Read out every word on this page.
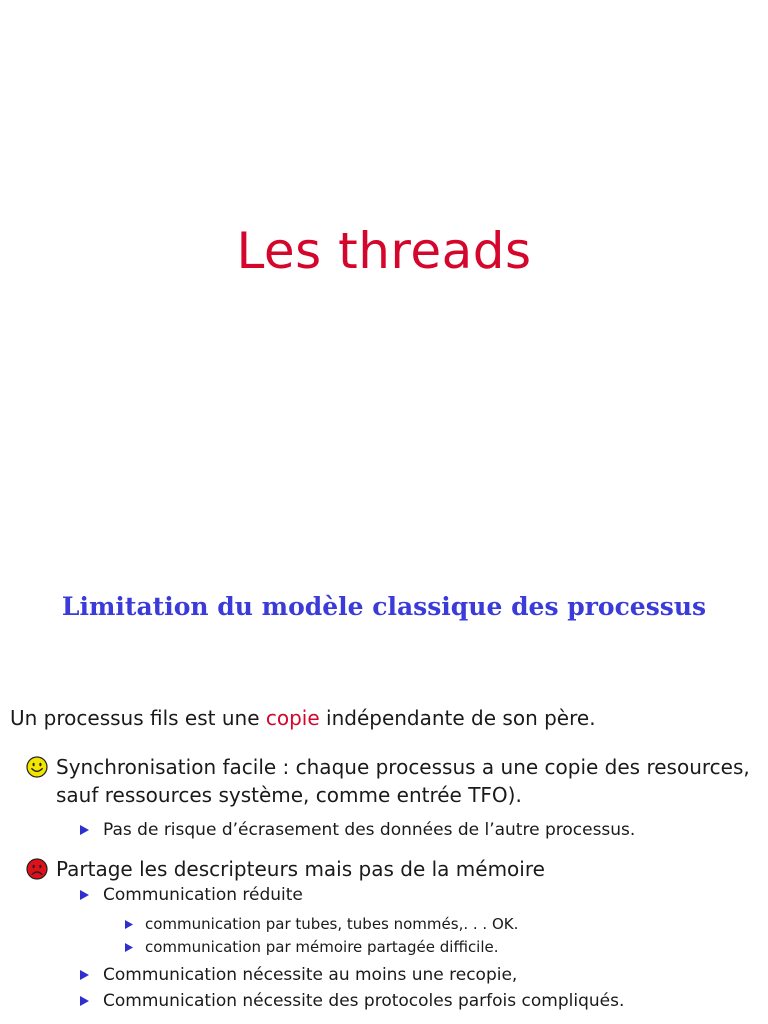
Les threads
Limitation du modèle classique des processus
Un processus fils est une copie indépendante de son père.
Synchronisation facile : chaque processus a une copie des resources,
sauf ressources système, comme entrée TFO).
Pas de risque d’écrasement des données de l’autre processus.
Partage les descripteurs mais pas de la mémoire
Communication réduite
communication par tubes, tubes nommés,. . . OK.
communication par mémoire partagée difficile.
Communication nécessite au moins une recopie,
Communication nécessite des protocoles parfois compliqués.
